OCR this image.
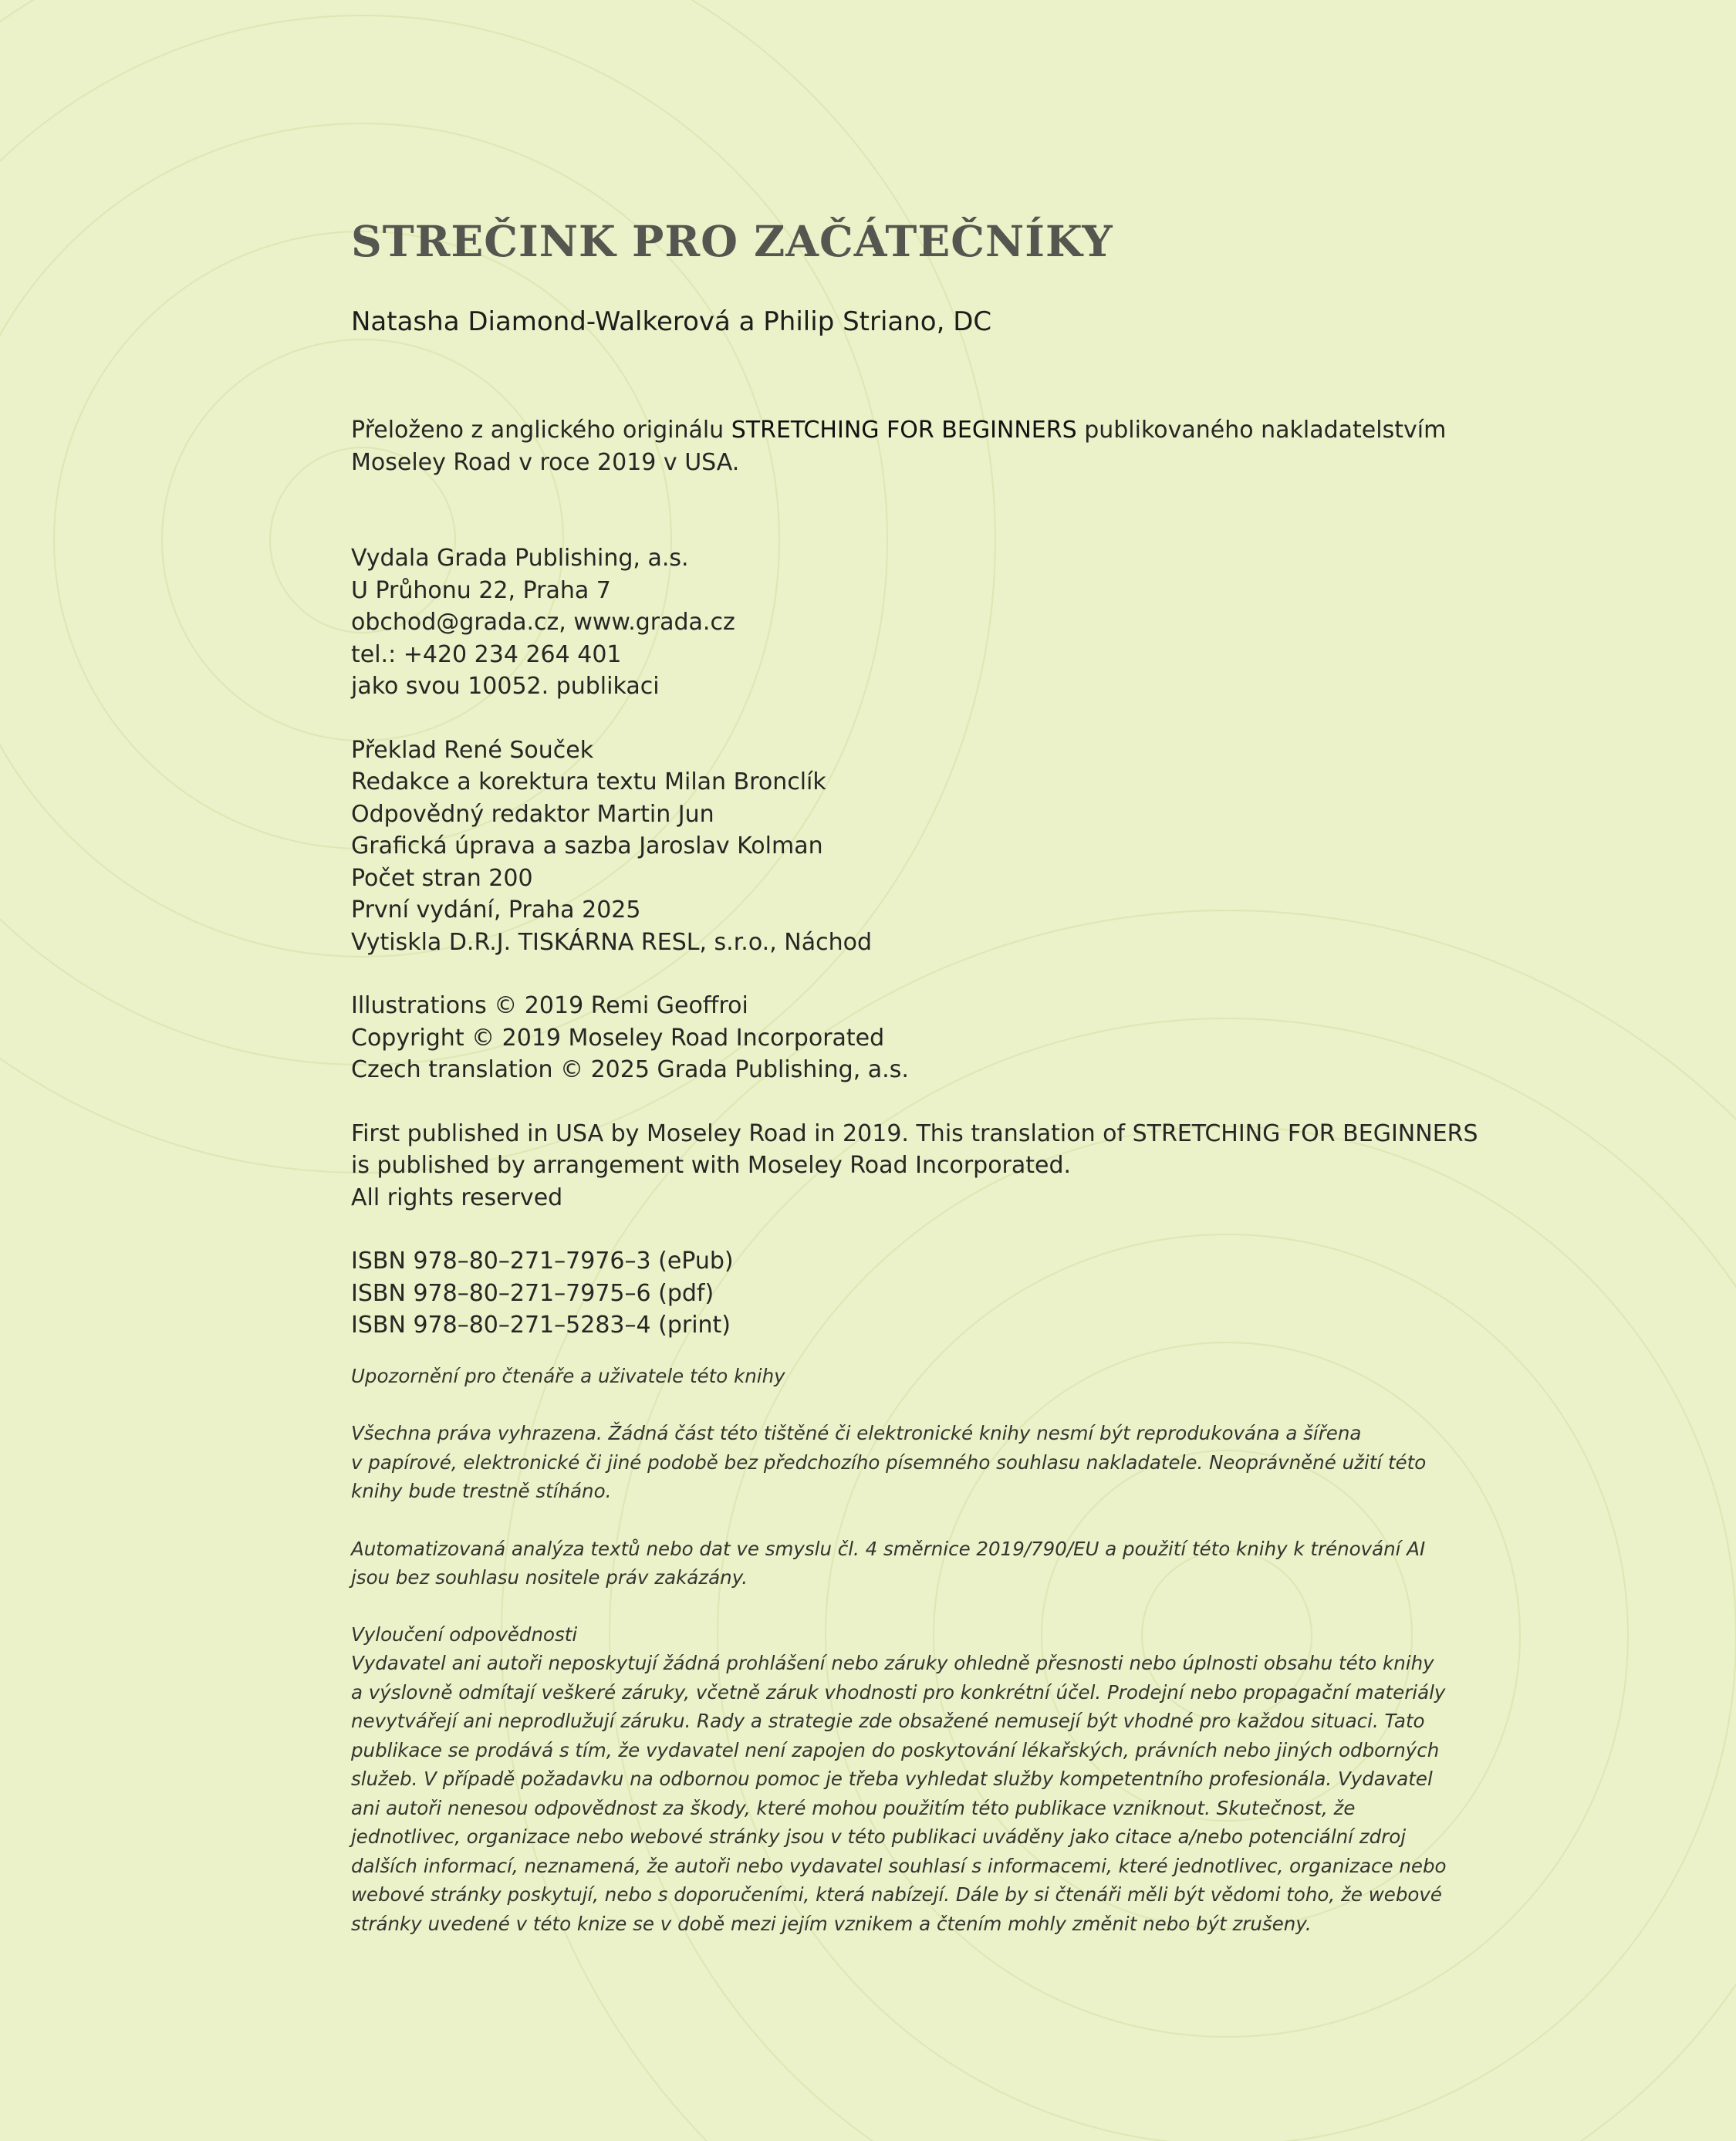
STREČINK PRO ZAČÁTEČNÍKY
Natasha Diamond-Walkerová a Philip Striano, DC

Přeloženo z anglického originálu STRETCHING FOR BEGINNERS publikovaného nakladatelstvím
Moseley Road v roce 2019 v USA.

Vydala Grada Publishing, a.s.
U Průhonu 22, Praha 7
obchod@grada.cz, www.grada.cz
tel.: +420 234 264 401
jako svou 10052. publikaci

Překlad René Souček
Redakce a korektura textu Milan Bronclík
Odpovědný redaktor Martin Jun
Grafická úprava a sazba Jaroslav Kolman
Počet stran 200
První vydání, Praha 2025
Vytiskla D.R.J. TISKÁRNA RESL, s.r.o., Náchod

Illustrations © 2019 Remi Geoffroi
Copyright © 2019 Moseley Road Incorporated
Czech translation © 2025 Grada Publishing, a.s.

First published in USA by Moseley Road in 2019. This translation of STRETCHING FOR BEGINNERS
is published by arrangement with Moseley Road Incorporated.
All rights reserved

ISBN 978–80–271–7976–3 (ePub)
ISBN 978–80–271–7975–6 (pdf)
ISBN 978–80–271–5283–4 (print)

Upozornění pro čtenáře a uživatele této knihy

Všechna práva vyhrazena. Žádná část této tištěné či elektronické knihy nesmí být reprodukována a šířena
v papírové, elektronické či jiné podobě bez předchozího písemného souhlasu nakladatele. Neoprávněné užití této
knihy bude trestně stíháno.

Automatizovaná analýza textů nebo dat ve smyslu čl. 4 směrnice 2019/790/EU a použití této knihy k trénování AI
jsou bez souhlasu nositele práv zakázány.

Vyloučení odpovědnosti
Vydavatel ani autoři neposkytují žádná prohlášení nebo záruky ohledně přesnosti nebo úplnosti obsahu této knihy
a výslovně odmítají veškeré záruky, včetně záruk vhodnosti pro konkrétní účel. Prodejní nebo propagační materiály
nevytvářejí ani neprodlužují záruku. Rady a strategie zde obsažené nemusejí být vhodné pro každou situaci. Tato
publikace se prodává s tím, že vydavatel není zapojen do poskytování lékařských, právních nebo jiných odborných
služeb. V případě požadavku na odbornou pomoc je třeba vyhledat služby kompetentního profesionála. Vydavatel
ani autoři nenesou odpovědnost za škody, které mohou použitím této publikace vzniknout. Skutečnost, že
jednotlivec, organizace nebo webové stránky jsou v této publikaci uváděny jako citace a/nebo potenciální zdroj
dalších informací, neznamená, že autoři nebo vydavatel souhlasí s informacemi, které jednotlivec, organizace nebo
webové stránky poskytují, nebo s doporučeními, která nabízejí. Dále by si čtenáři měli být vědomi toho, že webové
stránky uvedené v této knize se v době mezi jejím vznikem a čtením mohly změnit nebo být zrušeny.
